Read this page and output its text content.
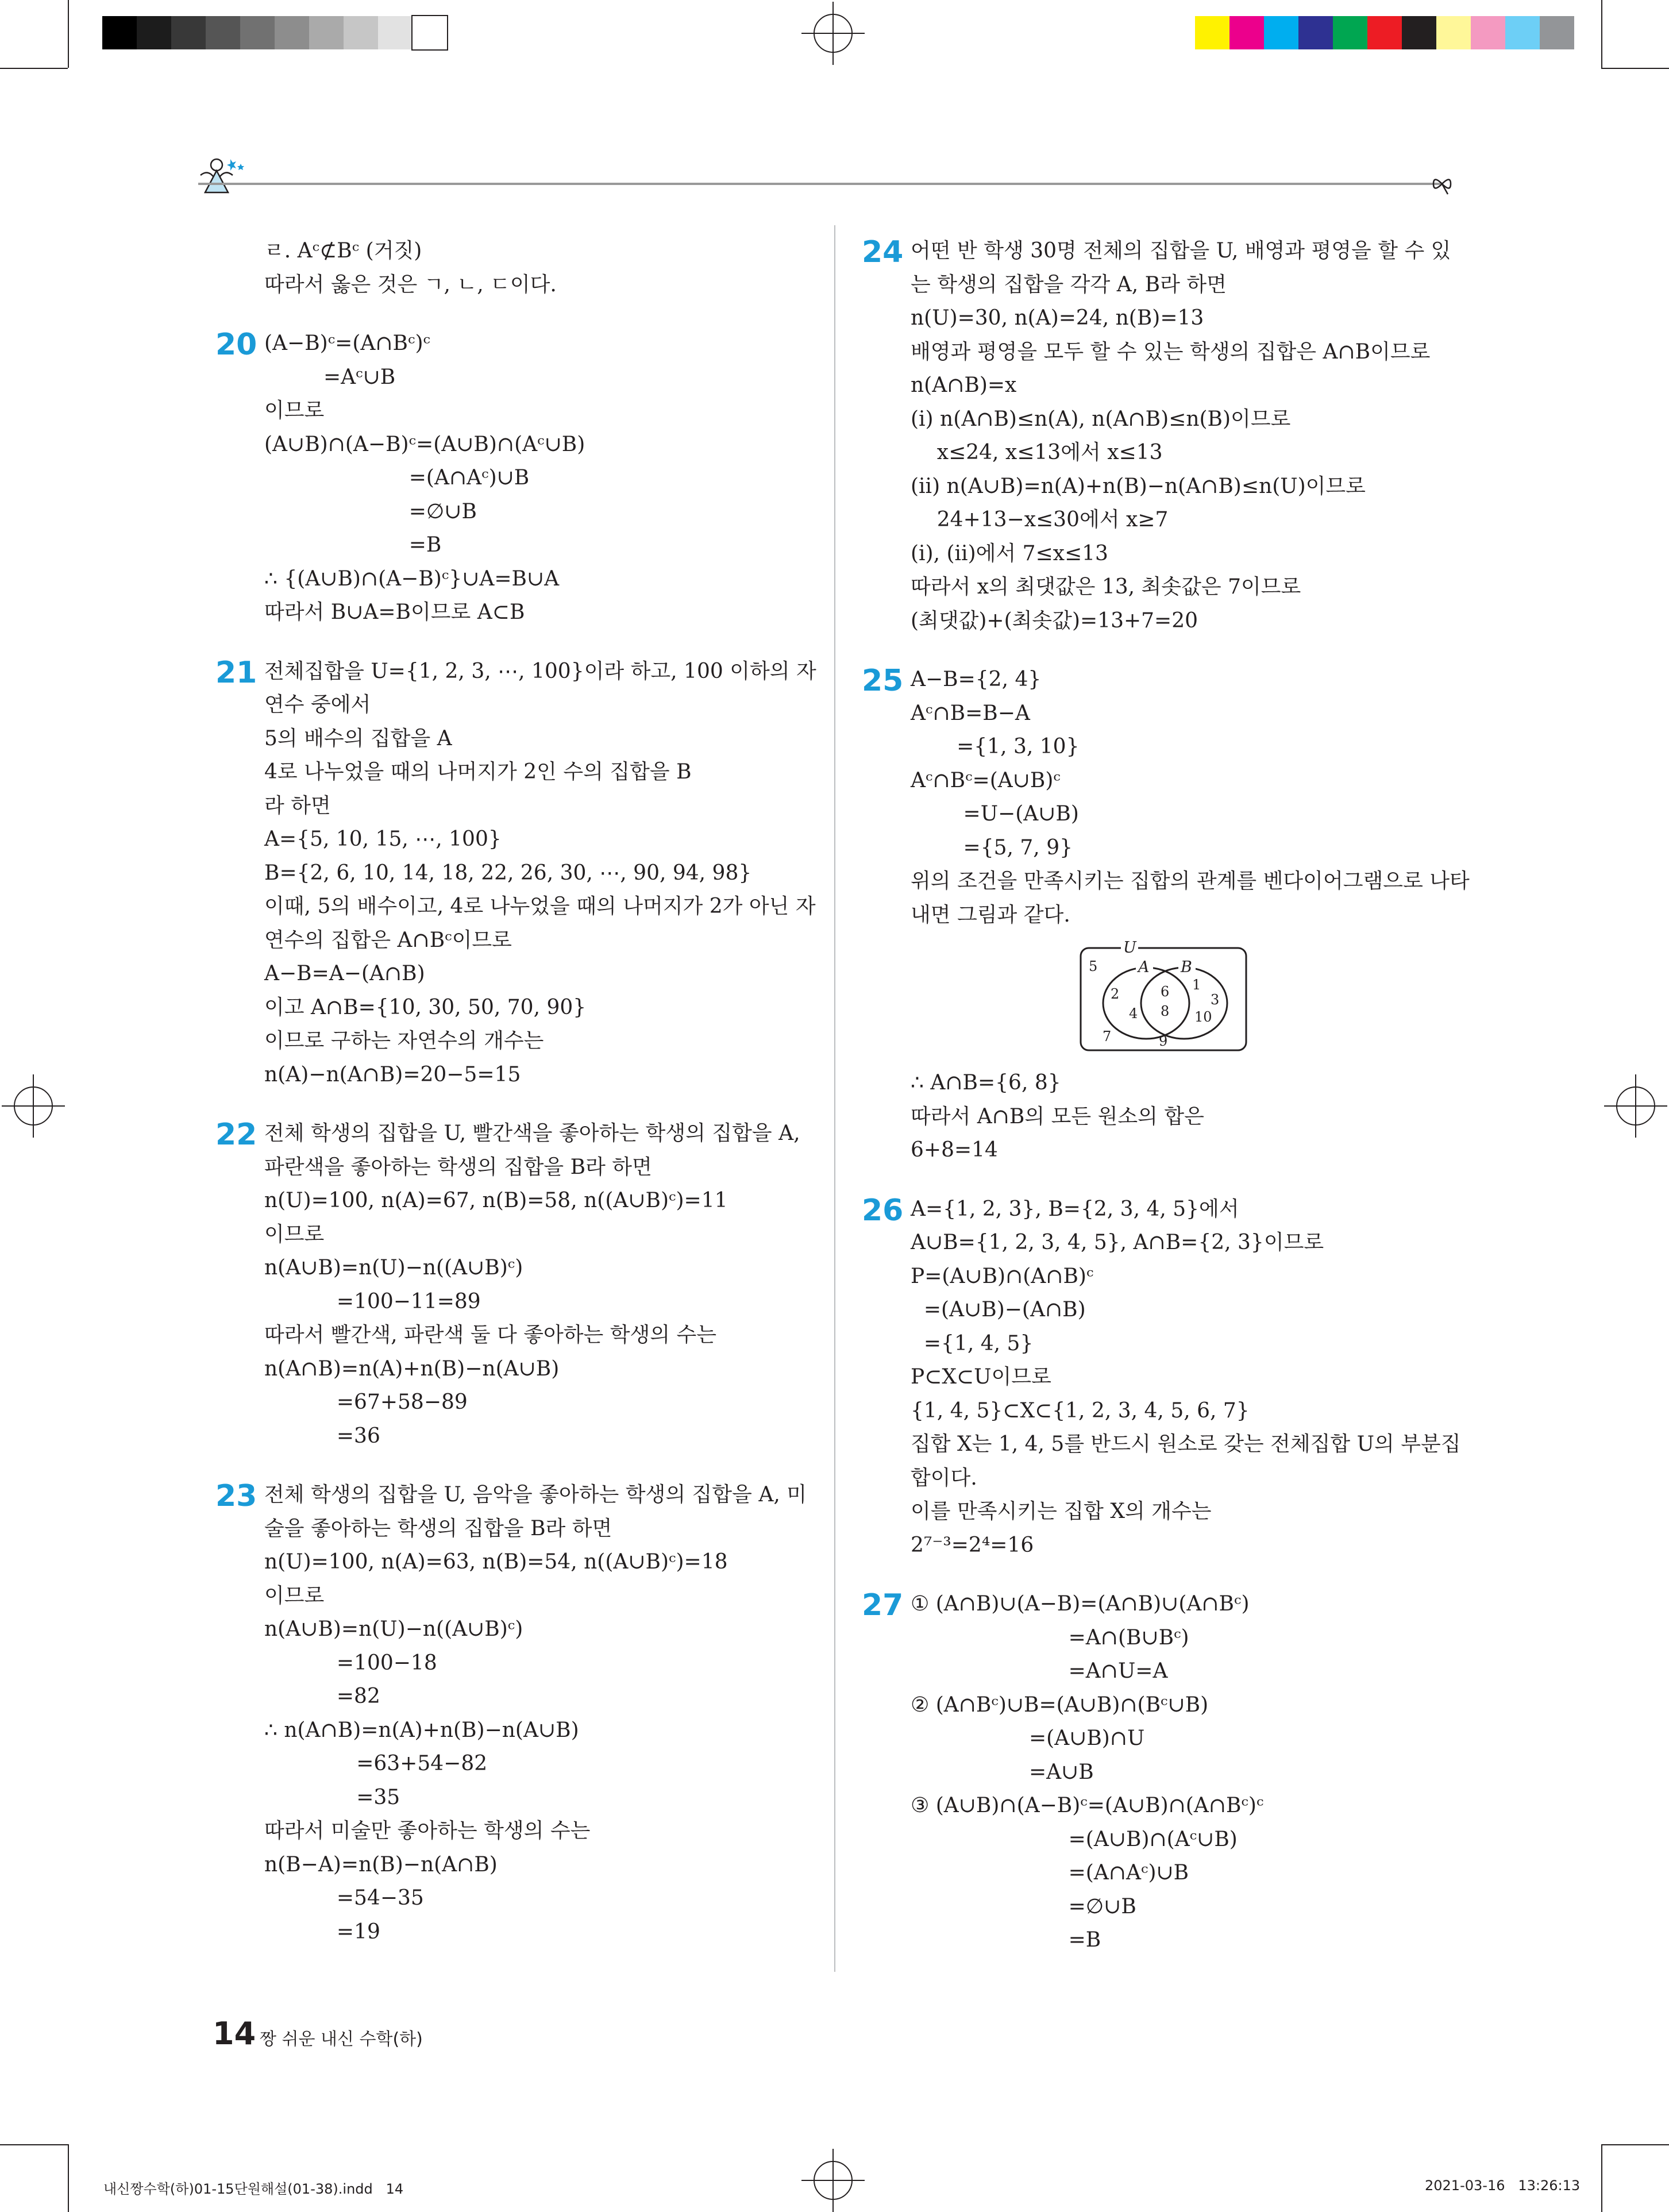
ㄹ. Aᶜ⊄Bᶜ (거짓)
따라서 옳은 것은 ㄱ, ㄴ, ㄷ이다.
20 (A−B)ᶜ=(A∩Bᶜ)ᶜ
=Aᶜ∪B
이므로
(A∪B)∩(A−B)ᶜ=(A∪B)∩(Aᶜ∪B)
=(A∩Aᶜ)∪B
=∅∪B
=B
∴ {(A∪B)∩(A−B)ᶜ}∪A=B∪A
따라서 B∪A=B이므로 A⊂B
21 전체집합을 U={1, 2, 3, ⋯, 100}이라 하고, 100 이하의 자
연수 중에서
5의 배수의 집합을 A
4로 나누었을 때의 나머지가 2인 수의 집합을 B
라 하면
A={5, 10, 15, ⋯, 100}
B={2, 6, 10, 14, 18, 22, 26, 30, ⋯, 90, 94, 98}
이때, 5의 배수이고, 4로 나누었을 때의 나머지가 2가 아닌 자
연수의 집합은 A∩Bᶜ이므로
A−B=A−(A∩B)
이고 A∩B={10, 30, 50, 70, 90}
이므로 구하는 자연수의 개수는
n(A)−n(A∩B)=20−5=15
22 전체 학생의 집합을 U, 빨간색을 좋아하는 학생의 집합을 A,
파란색을 좋아하는 학생의 집합을 B라 하면
n(U)=100, n(A)=67, n(B)=58, n((A∪B)ᶜ)=11
이므로
n(A∪B)=n(U)−n((A∪B)ᶜ)
=100−11=89
따라서 빨간색, 파란색 둘 다 좋아하는 학생의 수는
n(A∩B)=n(A)+n(B)−n(A∪B)
=67+58−89
=36
23 전체 학생의 집합을 U, 음악을 좋아하는 학생의 집합을 A, 미
술을 좋아하는 학생의 집합을 B라 하면
n(U)=100, n(A)=63, n(B)=54, n((A∪B)ᶜ)=18
이므로
n(A∪B)=n(U)−n((A∪B)ᶜ)
=100−18
=82
∴ n(A∩B)=n(A)+n(B)−n(A∪B)
=63+54−82
=35
따라서 미술만 좋아하는 학생의 수는
n(B−A)=n(B)−n(A∩B)
=54−35
=19
24 어떤 반 학생 30명 전체의 집합을 U, 배영과 평영을 할 수 있
는 학생의 집합을 각각 A, B라 하면
n(U)=30, n(A)=24, n(B)=13
배영과 평영을 모두 할 수 있는 학생의 집합은 A∩B이므로
n(A∩B)=x
(ⅰ) n(A∩B)≤n(A), n(A∩B)≤n(B)이므로
x≤24, x≤13에서 x≤13
(ⅱ) n(A∪B)=n(A)+n(B)−n(A∩B)≤n(U)이므로
24+13−x≤30에서 x≥7
(ⅰ), (ⅱ)에서 7≤x≤13
따라서 x의 최댓값은 13, 최솟값은 7이므로
(최댓값)+(최솟값)=13+7=20
25 A−B={2, 4}
Aᶜ∩B=B−A
={1, 3, 10}
Aᶜ∩Bᶜ=(A∪B)ᶜ
=U−(A∪B)
={5, 7, 9}
위의 조건을 만족시키는 집합의 관계를 벤다이어그램으로 나타
내면 그림과 같다.
U
A B
5
7	9
2
4
6
8
1
3
10
∴ A∩B={6, 8}
따라서 A∩B의 모든 원소의 합은
6+8=14
26 A={1, 2, 3}, B={2, 3, 4, 5}에서
A∪B={1, 2, 3, 4, 5}, A∩B={2, 3}이므로
P=(A∪B)∩(A∩B)ᶜ
=(A∪B)−(A∩B)
={1, 4, 5}
P⊂X⊂U이므로
{1, 4, 5}⊂X⊂{1, 2, 3, 4, 5, 6, 7}
집합 X는 1, 4, 5를 반드시 원소로 갖는 전체집합 U의 부분집
합이다.
이를 만족시키는 집합 X의 개수는
2⁷⁻³=2⁴=16
27 ① (A∩B)∪(A−B)=(A∩B)∪(A∩Bᶜ)
=A∩(B∪Bᶜ)
=A∩U=A
② (A∩Bᶜ)∪B=(A∪B)∩(Bᶜ∪B)
=(A∪B)∩U
=A∪B
③ (A∪B)∩(A−B)ᶜ=(A∪B)∩(A∩Bᶜ)ᶜ
=(A∪B)∩(Aᶜ∪B)
=(A∩Aᶜ)∪B
=∅∪B
=B
14 짱 쉬운 내신 수학(하)
내신짱수학(하)01-15단원해설(01-38).indd   14	2021-03-16   13:26:13
